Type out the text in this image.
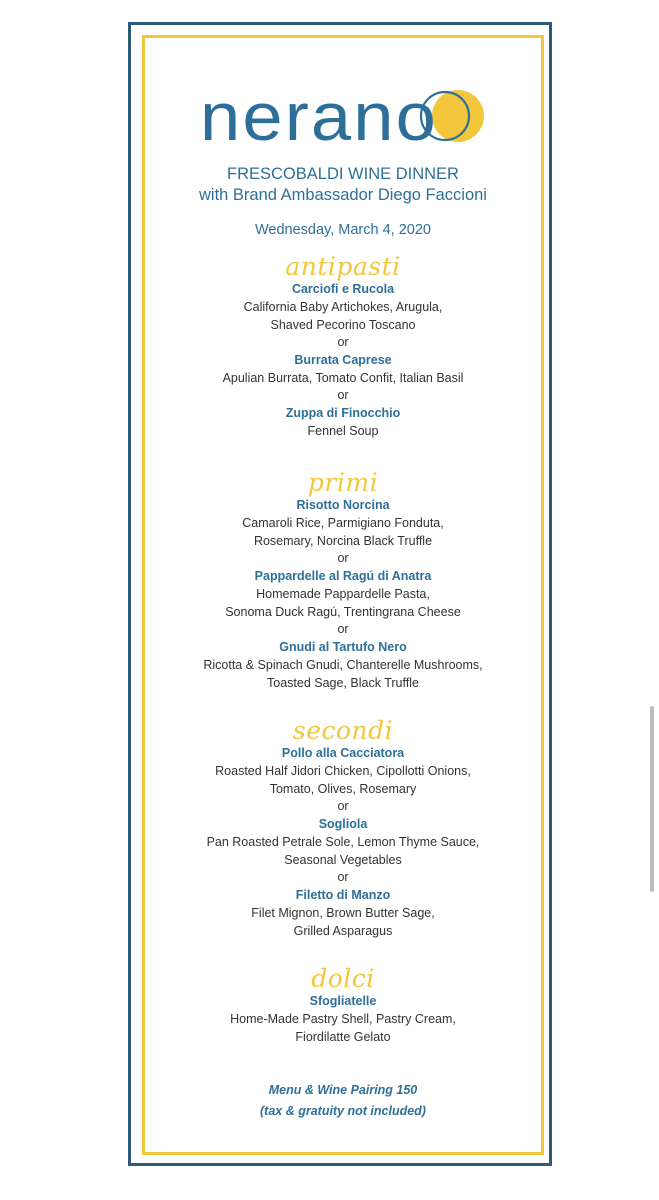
nerano
FRESCOBALDI WINE DINNER
with Brand Ambassador Diego Faccioni
Wednesday, March 4, 2020
antipasti
Carciofi e Rucola
California Baby Artichokes, Arugula,
Shaved Pecorino Toscano
or
Burrata Caprese
Apulian Burrata, Tomato Confit, Italian Basil
or
Zuppa di Finocchio
Fennel Soup
primi
Risotto Norcina
Camaroli Rice, Parmigiano Fonduta,
Rosemary, Norcina Black Truffle
or
Pappardelle al Ragú di Anatra
Homemade Pappardelle Pasta,
Sonoma Duck Ragú, Trentingrana Cheese
or
Gnudi al Tartufo Nero
Ricotta & Spinach Gnudi, Chanterelle Mushrooms,
Toasted Sage, Black Truffle
secondi
Pollo alla Cacciatora
Roasted Half Jidori Chicken, Cipollotti Onions,
Tomato, Olives, Rosemary
or
Sogliola
Pan Roasted Petrale Sole, Lemon Thyme Sauce,
Seasonal Vegetables
or
Filetto di Manzo
Filet Mignon, Brown Butter Sage,
Grilled Asparagus
dolci
Sfogliatelle
Home-Made Pastry Shell, Pastry Cream,
Fiordilatte Gelato
Menu & Wine Pairing 150
(tax & gratuity not included)
